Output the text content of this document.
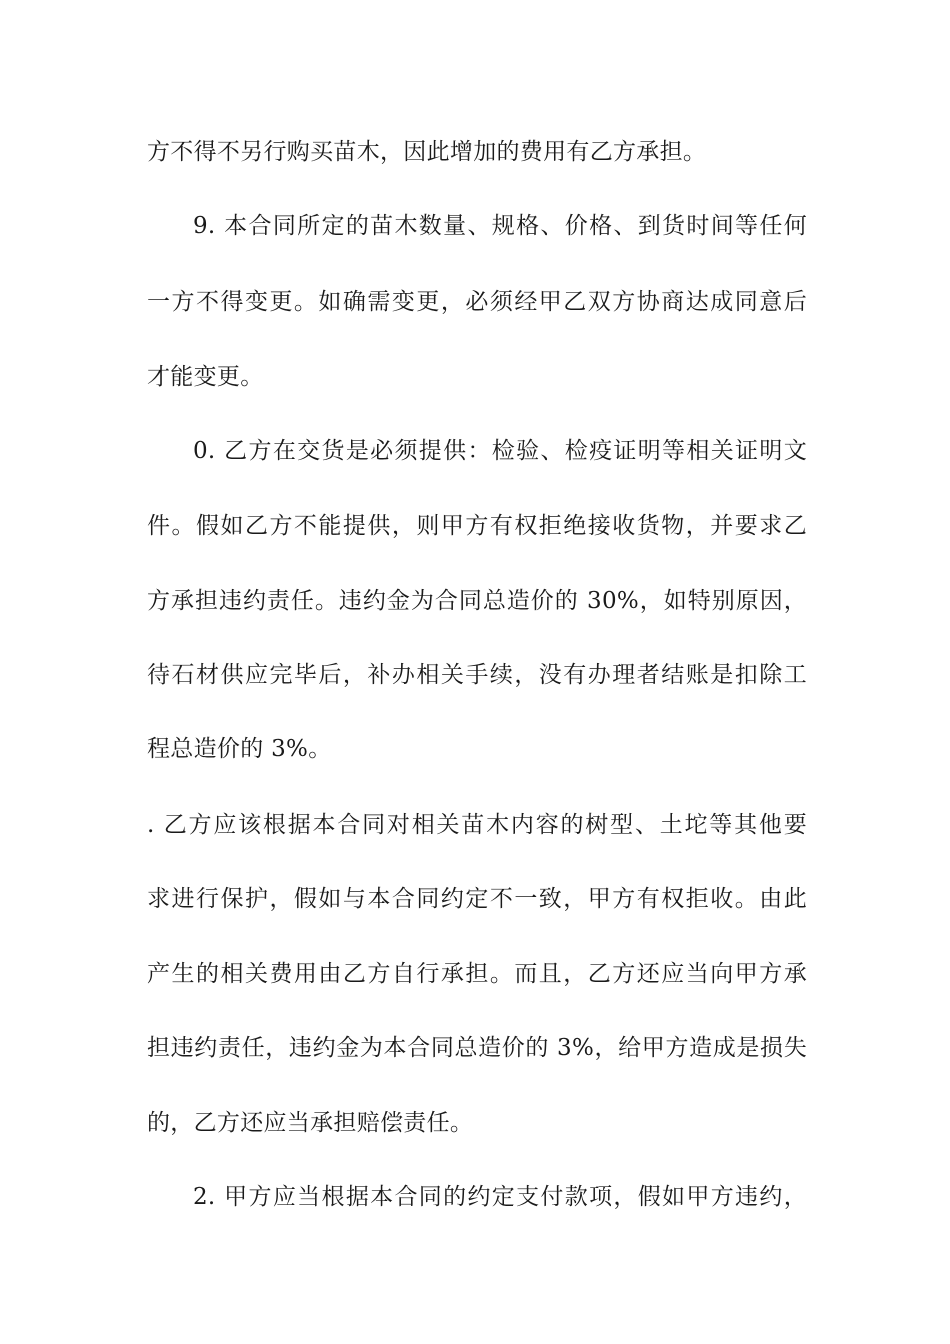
方不得不另行购买苗木，因此增加的费用有乙方承担。
9. 本合同所定的苗木数量、规格、价格、到货时间等任何
一方不得变更。如确需变更，必须经甲乙双方协商达成同意后
才能变更。
0. 乙方在交货是必须提供：检验、检疫证明等相关证明文
件。假如乙方不能提供，则甲方有权拒绝接收货物，并要求乙
方承担违约责任。违约金为合同总造价的 30%，如特别原因，
待石材供应完毕后，补办相关手续，没有办理者结账是扣除工
程总造价的 3%。
. 乙方应该根据本合同对相关苗木内容的树型、土坨等其他要
求进行保护，假如与本合同约定不一致，甲方有权拒收。由此
产生的相关费用由乙方自行承担。而且，乙方还应当向甲方承
担违约责任，违约金为本合同总造价的 3%，给甲方造成是损失
的，乙方还应当承担赔偿责任。
2. 甲方应当根据本合同的约定支付款项，假如甲方违约，
